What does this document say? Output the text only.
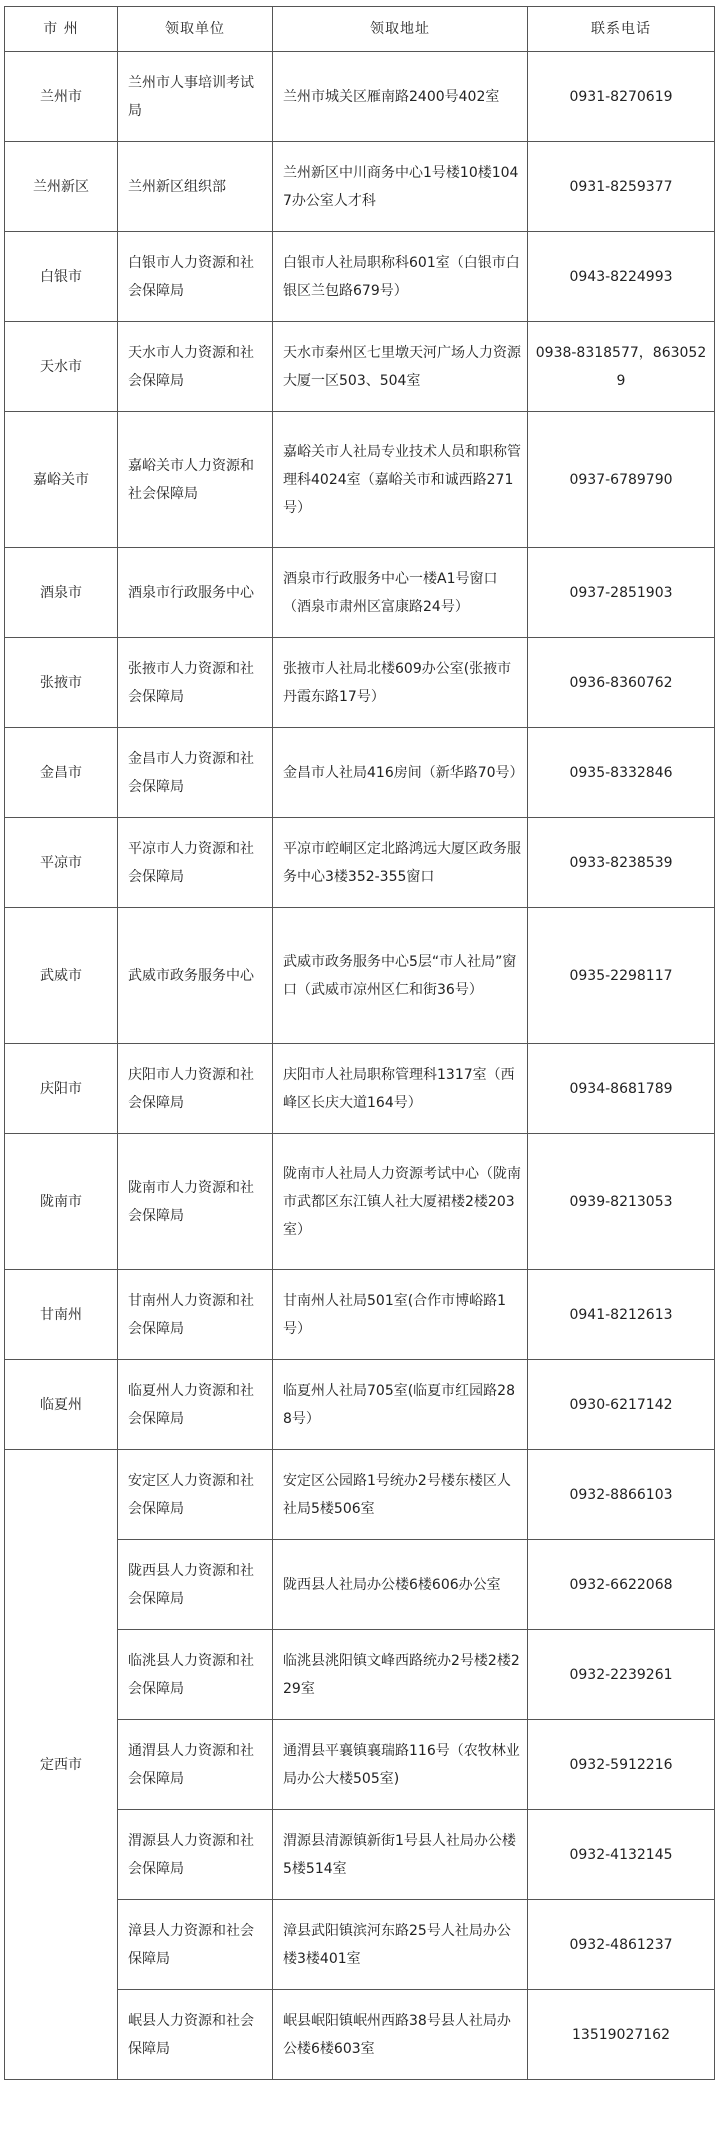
市 州	领取单位	领取地址	联系电话
兰州市	兰州市人事培训考试局	兰州市城关区雁南路2400号402室	0931-8270619
兰州新区	兰州新区组织部	兰州新区中川商务中心1号楼10楼1047办公室人才科	0931-8259377
白银市	白银市人力资源和社会保障局	白银市人社局职称科601室（白银市白银区兰包路679号）	0943-8224993
天水市	天水市人力资源和社会保障局	天水市秦州区七里墩天河广场人力资源大厦一区503、504室	0938-8318577，8630529
嘉峪关市	嘉峪关市人力资源和社会保障局	嘉峪关市人社局专业技术人员和职称管理科4024室（嘉峪关市和诚西路271号）	0937-6789790
酒泉市	酒泉市行政服务中心	酒泉市行政服务中心一楼A1号窗口（酒泉市肃州区富康路24号）	0937-2851903
张掖市	张掖市人力资源和社会保障局	张掖市人社局北楼609办公室(张掖市丹霞东路17号）	0936-8360762
金昌市	金昌市人力资源和社会保障局	金昌市人社局416房间（新华路70号）	0935-8332846
平凉市	平凉市人力资源和社会保障局	平凉市崆峒区定北路鸿远大厦区政务服务中心3楼352-355窗口	0933-8238539
武威市	武威市政务服务中心	武威市政务服务中心5层“市人社局”窗口（武威市凉州区仁和街36号）	0935-2298117
庆阳市	庆阳市人力资源和社会保障局	庆阳市人社局职称管理科1317室（西峰区长庆大道164号）	0934-8681789
陇南市	陇南市人力资源和社会保障局	陇南市人社局人力资源考试中心（陇南市武都区东江镇人社大厦裙楼2楼203室）	0939-8213053
甘南州	甘南州人力资源和社会保障局	甘南州人社局501室(合作市博峪路1号）	0941-8212613
临夏州	临夏州人力资源和社会保障局	临夏州人社局705室(临夏市红园路288号）	0930-6217142
定西市	安定区人力资源和社会保障局	安定区公园路1号统办2号楼东楼区人社局5楼506室	0932-8866103
	陇西县人力资源和社会保障局	陇西县人社局办公楼6楼606办公室	0932-6622068
	临洮县人力资源和社会保障局	临洮县洮阳镇文峰西路统办2号楼2楼229室	0932-2239261
	通渭县人力资源和社会保障局	通渭县平襄镇襄瑞路116号（农牧林业局办公大楼505室)	0932-5912216
	渭源县人力资源和社会保障局	渭源县清源镇新街1号县人社局办公楼5楼514室	0932-4132145
	漳县人力资源和社会保障局	漳县武阳镇滨河东路25号人社局办公楼3楼401室	0932-4861237
	岷县人力资源和社会保障局	岷县岷阳镇岷州西路38号县人社局办公楼6楼603室	13519027162
